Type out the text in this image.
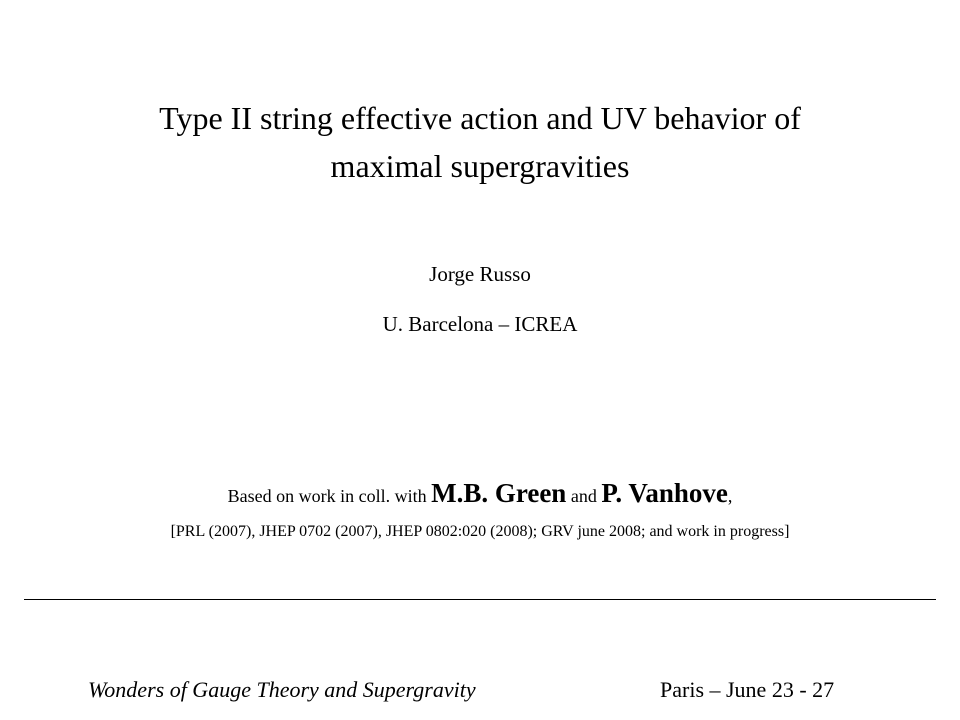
Type II string effective action and UV behavior of
maximal supergravities
Jorge Russo
U. Barcelona – ICREA
Based on work in coll. with M.B. Green and P. Vanhove,
[PRL (2007), JHEP 0702 (2007), JHEP 0802:020 (2008); GRV june 2008; and work in progress]
Wonders of Gauge Theory and Supergravity	Paris – June 23 - 27
